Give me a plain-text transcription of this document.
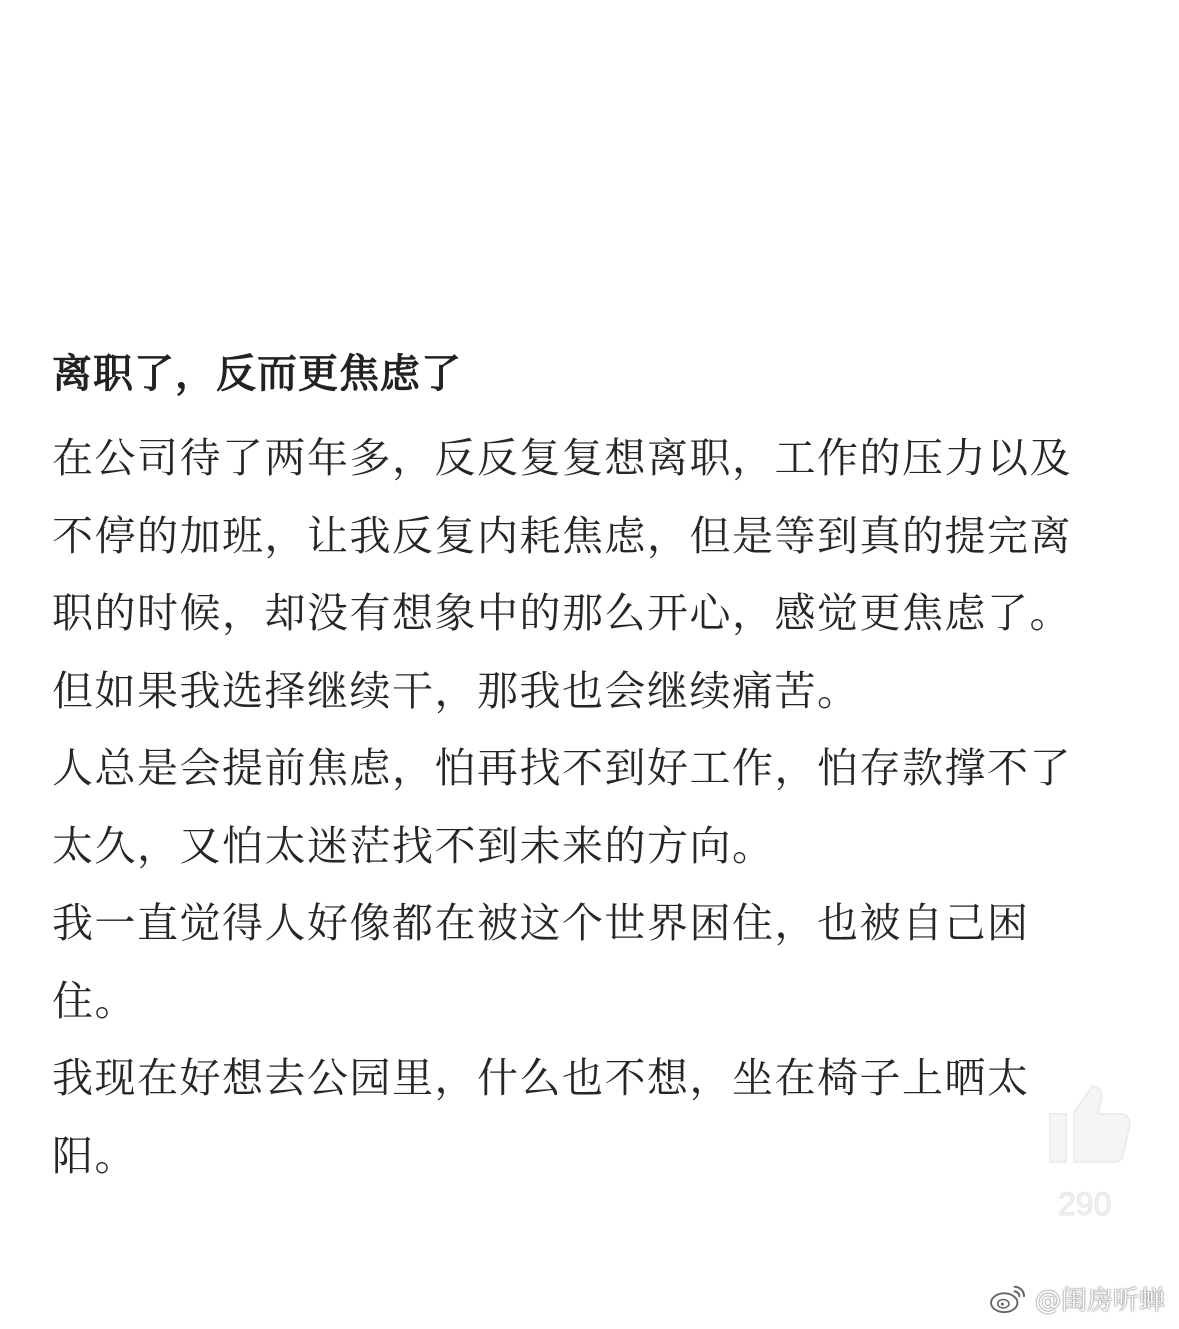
离职了，反而更焦虑了

在公司待了两年多，反反复复想离职，工作的压力以及不停的加班，让我反复内耗焦虑，但是等到真的提完离职的时候，却没有想象中的那么开心，感觉更焦虑了。但如果我选择继续干，那我也会继续痛苦。

人总是会提前焦虑，怕再找不到好工作，怕存款撑不了太久，又怕太迷茫找不到未来的方向。

我一直觉得人好像都在被这个世界困住，也被自己困住。

我现在好想去公园里，什么也不想，坐在椅子上晒太阳。

290
@闺房听蝉
